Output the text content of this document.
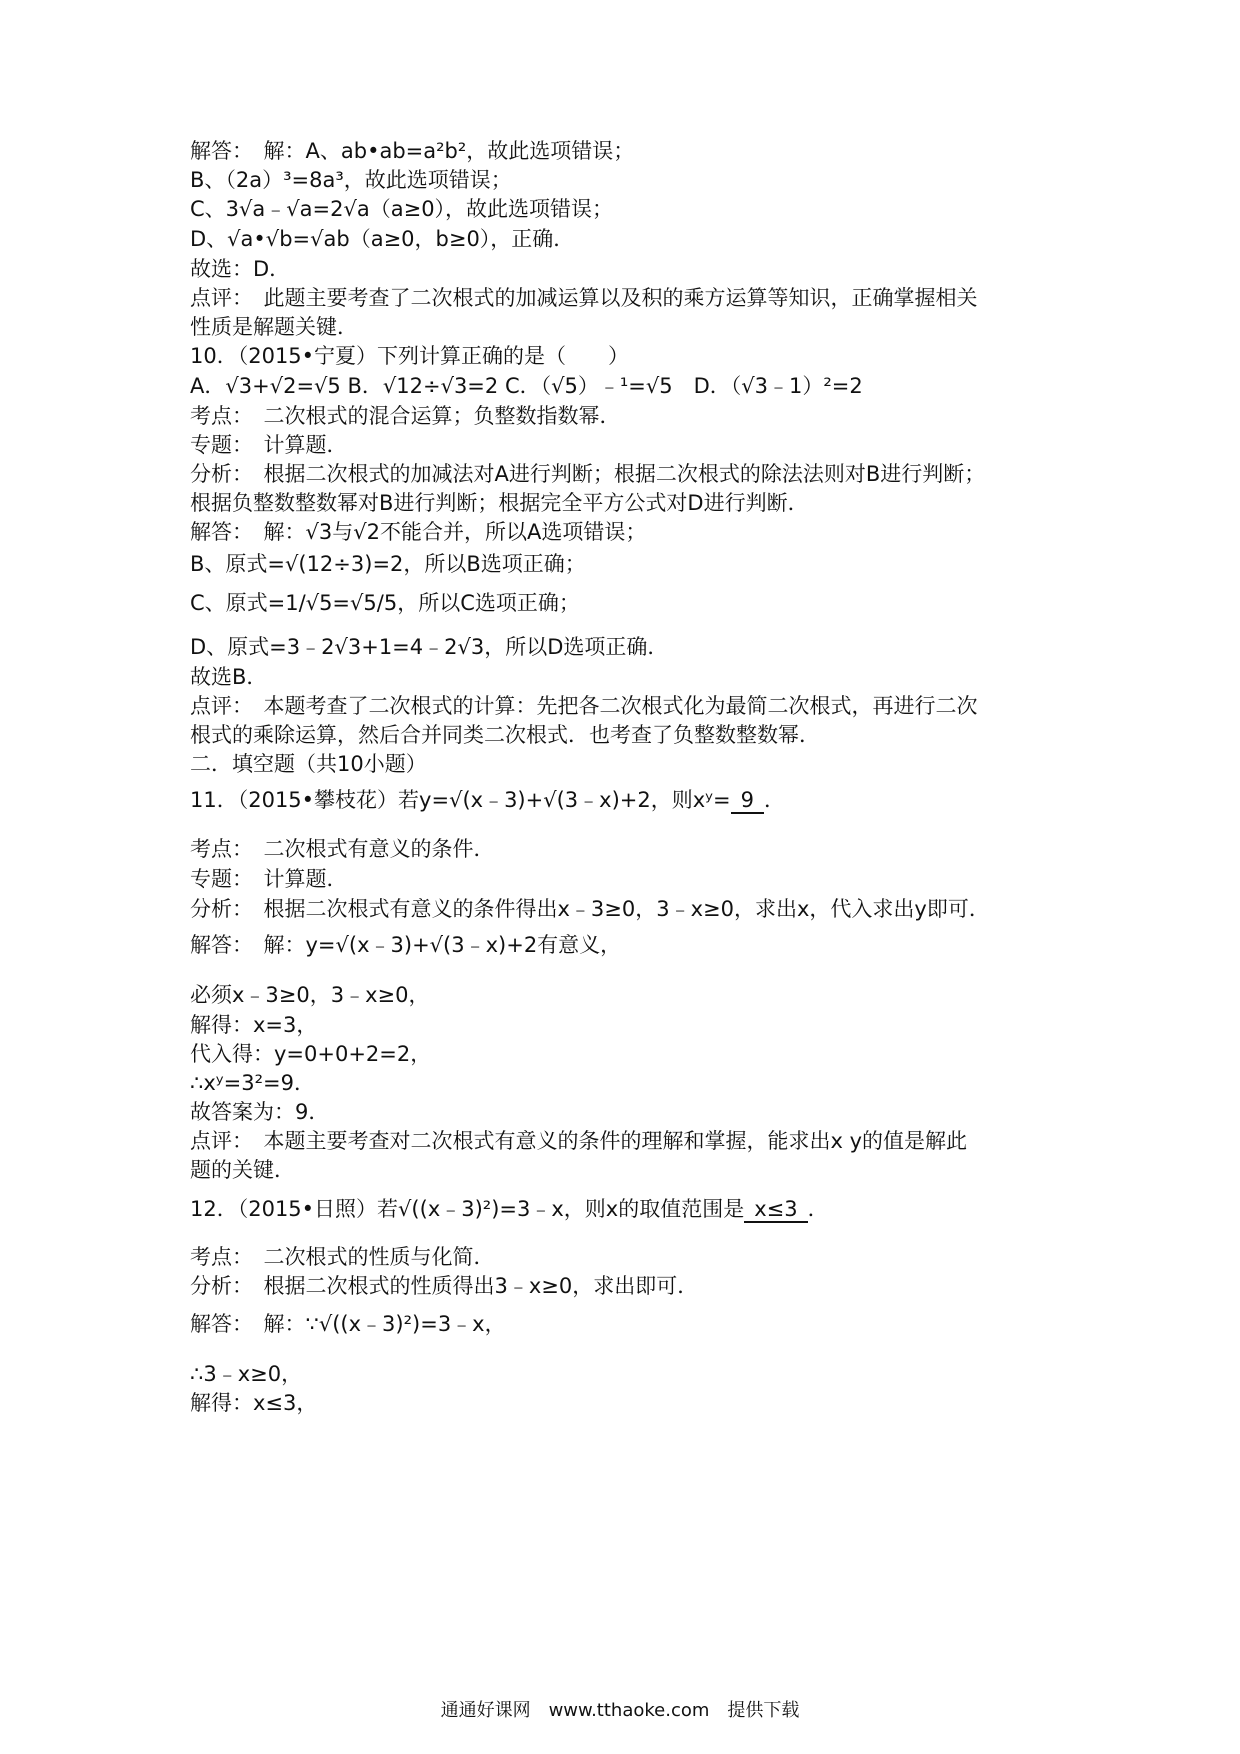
解答：　解：A、ab•ab=a²b²，故此选项错误；
B、（2a）³=8a³，故此选项错误；
C、3√a﹣√a=2√a（a≥0），故此选项错误；
D、√a•√b=√ab（a≥0，b≥0），正确．
故选：D．
点评：　此题主要考查了二次根式的加减运算以及积的乘方运算等知识，正确掌握相关
性质是解题关键．
10．（2015•宁夏）下列计算正确的是（　　）
A．√3+√2=√5 B．√12÷√3=2 C．（√5）﹣¹=√5　D．（√3﹣1）²=2
考点：　二次根式的混合运算；负整数指数幂．
专题：　计算题．
分析：　根据二次根式的加减法对A进行判断；根据二次根式的除法法则对B进行判断；
根据负整数整数幂对B进行判断；根据完全平方公式对D进行判断．
解答：　解：√3与√2不能合并，所以A选项错误；
B、原式=√(12÷3)=2，所以B选项正确；
C、原式=1/√5=√5/5，所以C选项正确；
D、原式=3﹣2√3+1=4﹣2√3，所以D选项正确．
故选B．
点评：　本题考查了二次根式的计算：先把各二次根式化为最简二次根式，再进行二次
根式的乘除运算，然后合并同类二次根式．也考查了负整数整数幂．
二．填空题（共10小题）
11．（2015•攀枝花）若y=√(x﹣3)+√(3﹣x)+2，则xʸ= 9 ．
考点：　二次根式有意义的条件．
专题：　计算题．
分析：　根据二次根式有意义的条件得出x﹣3≥0，3﹣x≥0，求出x，代入求出y即可．
解答：　解：y=√(x﹣3)+√(3﹣x)+2有意义，
必须x﹣3≥0，3﹣x≥0，
解得：x=3，
代入得：y=0+0+2=2，
∴xʸ=3²=9．
故答案为：9．
点评：　本题主要考查对二次根式有意义的条件的理解和掌握，能求出x y的值是解此
题的关键．
12．（2015•日照）若√((x﹣3)²)=3﹣x，则x的取值范围是 x≤3 ．
考点：　二次根式的性质与化简．
分析：　根据二次根式的性质得出3﹣x≥0，求出即可．
解答：　解：∵√((x﹣3)²)=3﹣x，
∴3﹣x≥0，
解得：x≤3，
通通好课网　www.tthaoke.com　提供下载
